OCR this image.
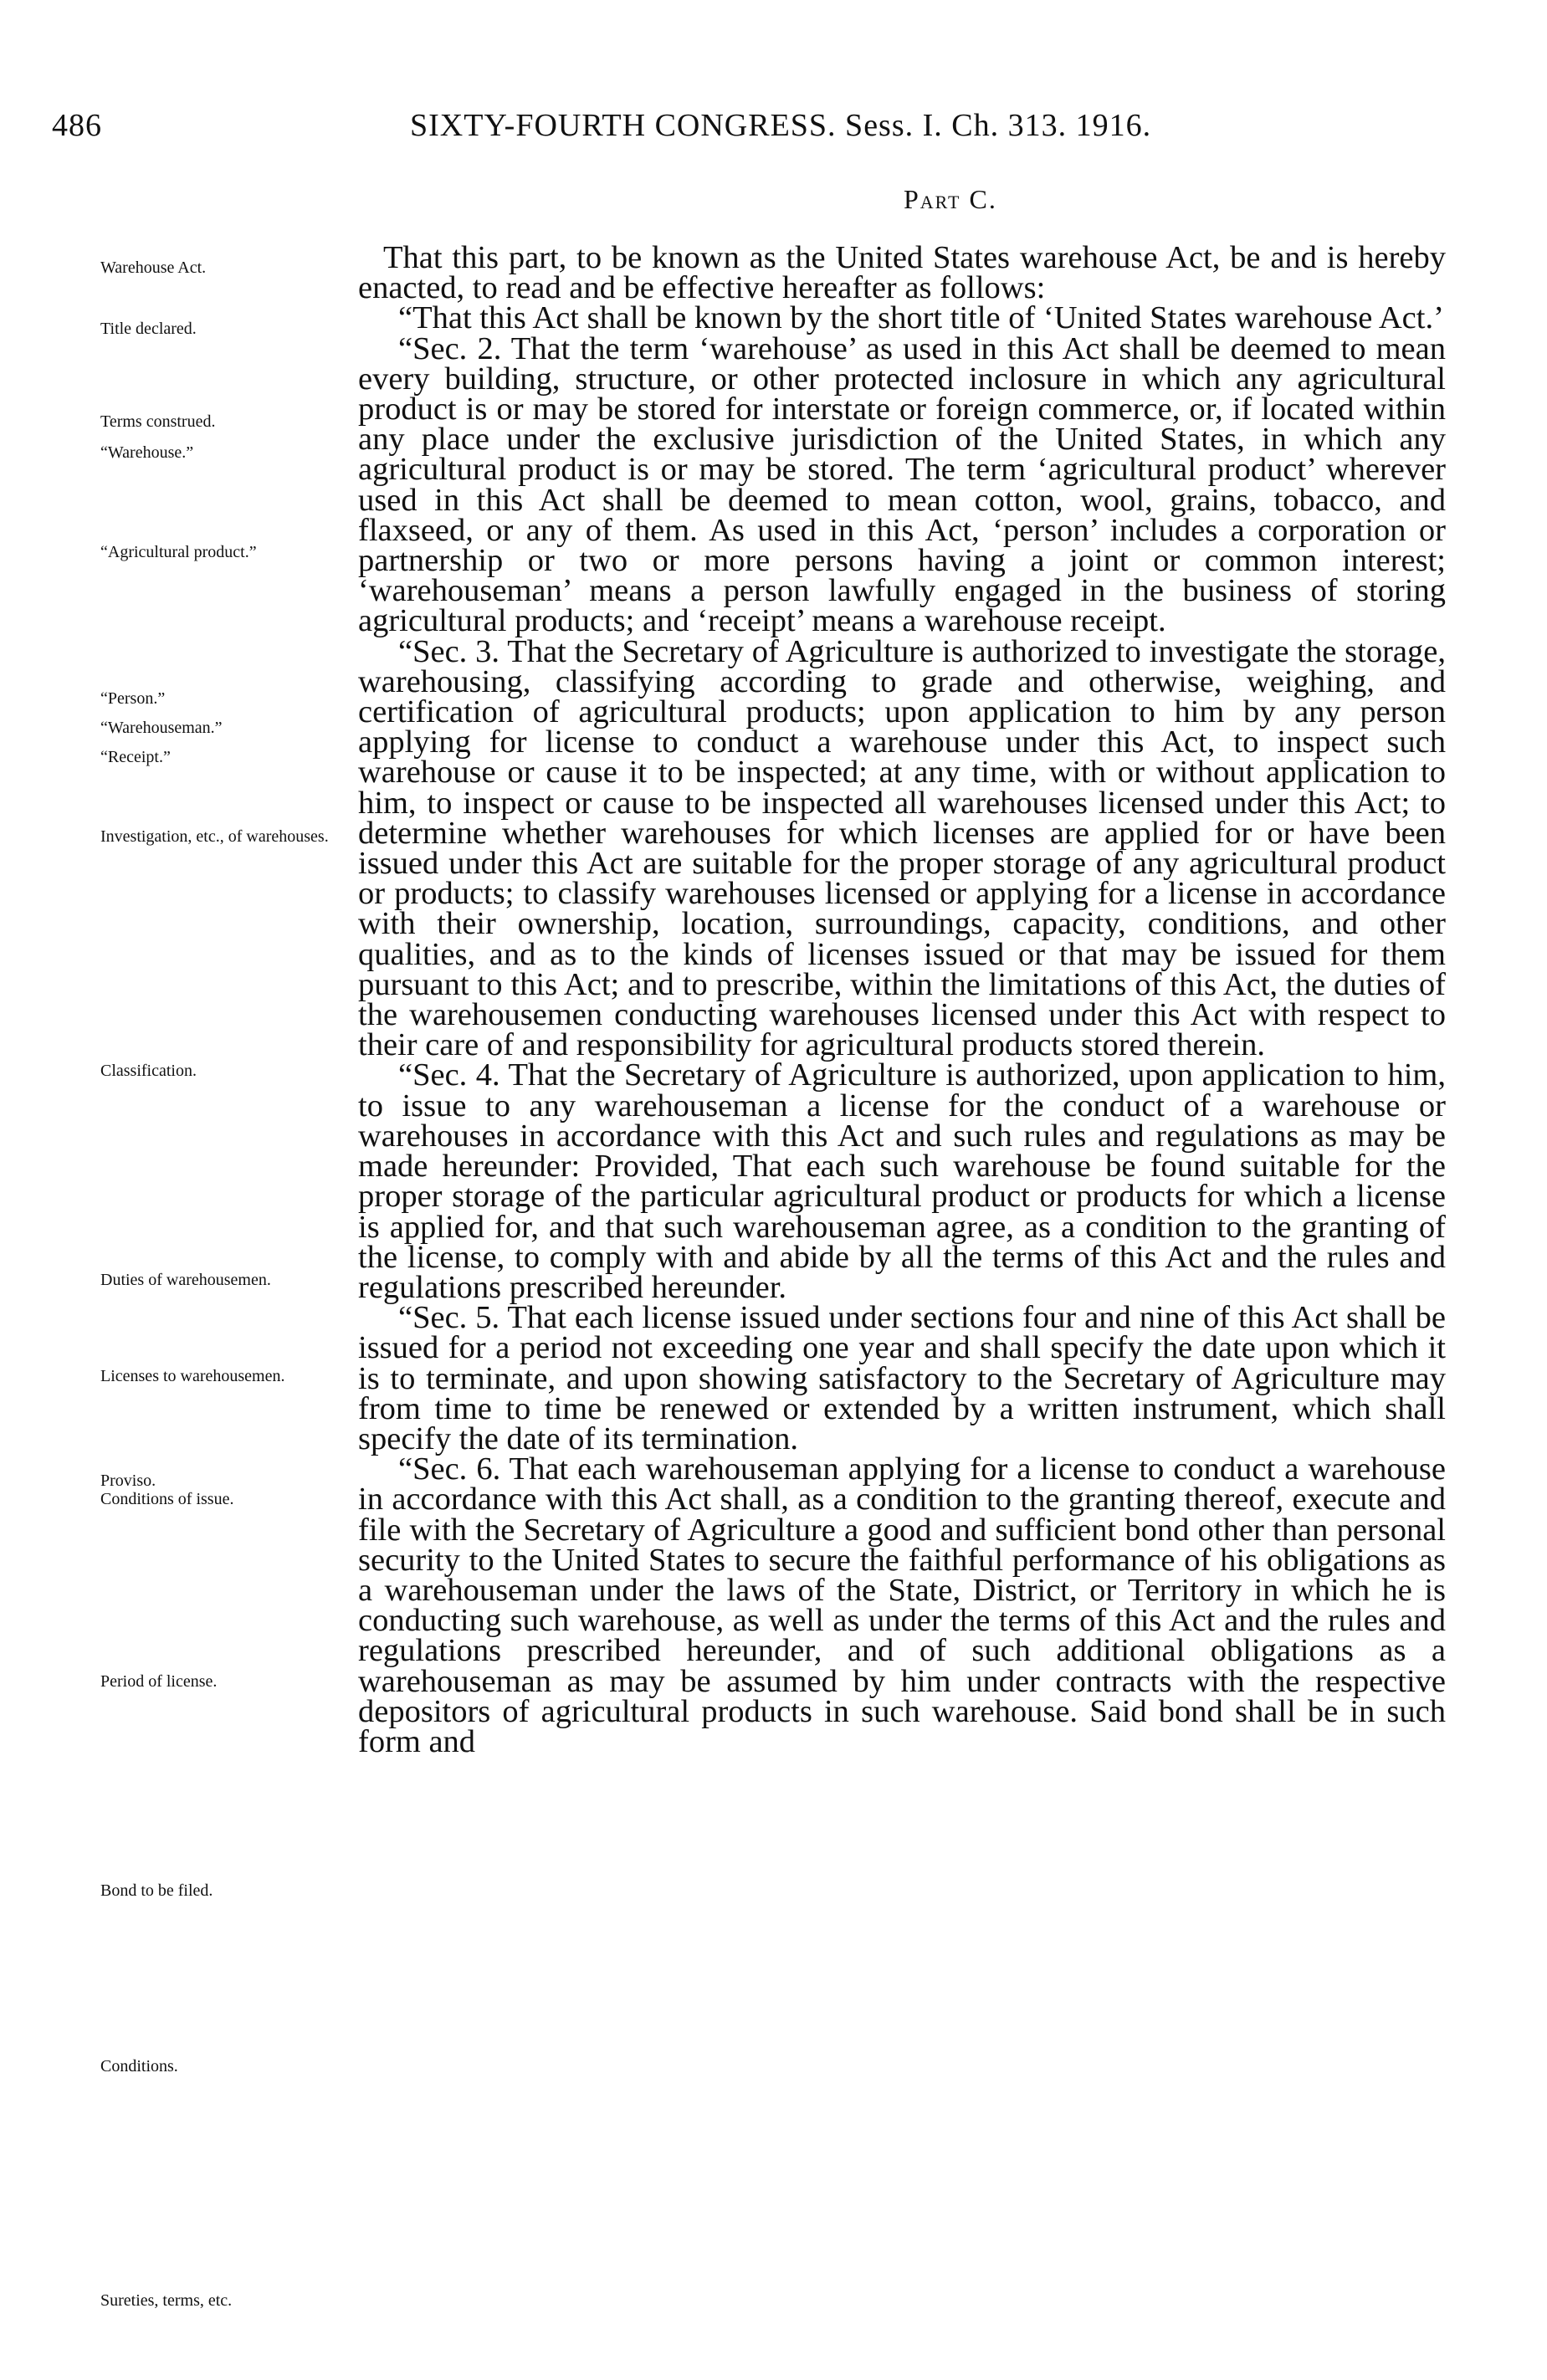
486	SIXTY-FOURTH CONGRESS. Sess. I. Ch. 313. 1916.
Part C.
Warehouse Act.
Title declared.
Terms construed.
“Warehouse.”
“Agricultural product.”
“Person.”
“Warehouseman.”
“Receipt.”
Investigation, etc., of warehouses.
Classification.
Duties of warehousemen.
Licenses to warehousemen.
Proviso.
Conditions of issue.
Period of license.
Bond to be filed.
Conditions.
Sureties, terms, etc.

That this part, to be known as the United States warehouse Act, be and is hereby enacted, to read and be effective hereafter as follows:

“That this Act shall be known by the short title of ‘United States warehouse Act.’

“Sec. 2. That the term ‘warehouse’ as used in this Act shall be deemed to mean every building, structure, or other protected inclosure in which any agricultural product is or may be stored for interstate or foreign commerce, or, if located within any place under the exclusive jurisdiction of the United States, in which any agricultural product is or may be stored. The term ‘agricultural product’ wherever used in this Act shall be deemed to mean cotton, wool, grains, tobacco, and flaxseed, or any of them. As used in this Act, ‘person’ includes a corporation or partnership or two or more persons having a joint or common interest; ‘warehouseman’ means a person lawfully engaged in the business of storing agricultural products; and ‘receipt’ means a warehouse receipt.

“Sec. 3. That the Secretary of Agriculture is authorized to investigate the storage, warehousing, classifying according to grade and otherwise, weighing, and certification of agricultural products; upon application to him by any person applying for license to conduct a warehouse under this Act, to inspect such warehouse or cause it to be inspected; at any time, with or without application to him, to inspect or cause to be inspected all warehouses licensed under this Act; to determine whether warehouses for which licenses are applied for or have been issued under this Act are suitable for the proper storage of any agricultural product or products; to classify warehouses licensed or applying for a license in accordance with their ownership, location, surroundings, capacity, conditions, and other qualities, and as to the kinds of licenses issued or that may be issued for them pursuant to this Act; and to prescribe, within the limitations of this Act, the duties of the warehousemen conducting warehouses licensed under this Act with respect to their care of and responsibility for agricultural products stored therein.

“Sec. 4. That the Secretary of Agriculture is authorized, upon application to him, to issue to any warehouseman a license for the conduct of a warehouse or warehouses in accordance with this Act and such rules and regulations as may be made hereunder: Provided, That each such warehouse be found suitable for the proper storage of the particular agricultural product or products for which a license is applied for, and that such warehouseman agree, as a condition to the granting of the license, to comply with and abide by all the terms of this Act and the rules and regulations prescribed hereunder.

“Sec. 5. That each license issued under sections four and nine of this Act shall be issued for a period not exceeding one year and shall specify the date upon which it is to terminate, and upon showing satisfactory to the Secretary of Agriculture may from time to time be renewed or extended by a written instrument, which shall specify the date of its termination.

“Sec. 6. That each warehouseman applying for a license to conduct a warehouse in accordance with this Act shall, as a condition to the granting thereof, execute and file with the Secretary of Agriculture a good and sufficient bond other than personal security to the United States to secure the faithful performance of his obligations as a warehouseman under the laws of the State, District, or Territory in which he is conducting such warehouse, as well as under the terms of this Act and the rules and regulations prescribed hereunder, and of such additional obligations as a warehouseman as may be assumed by him under contracts with the respective depositors of agricultural products in such warehouse. Said bond shall be in such form and
